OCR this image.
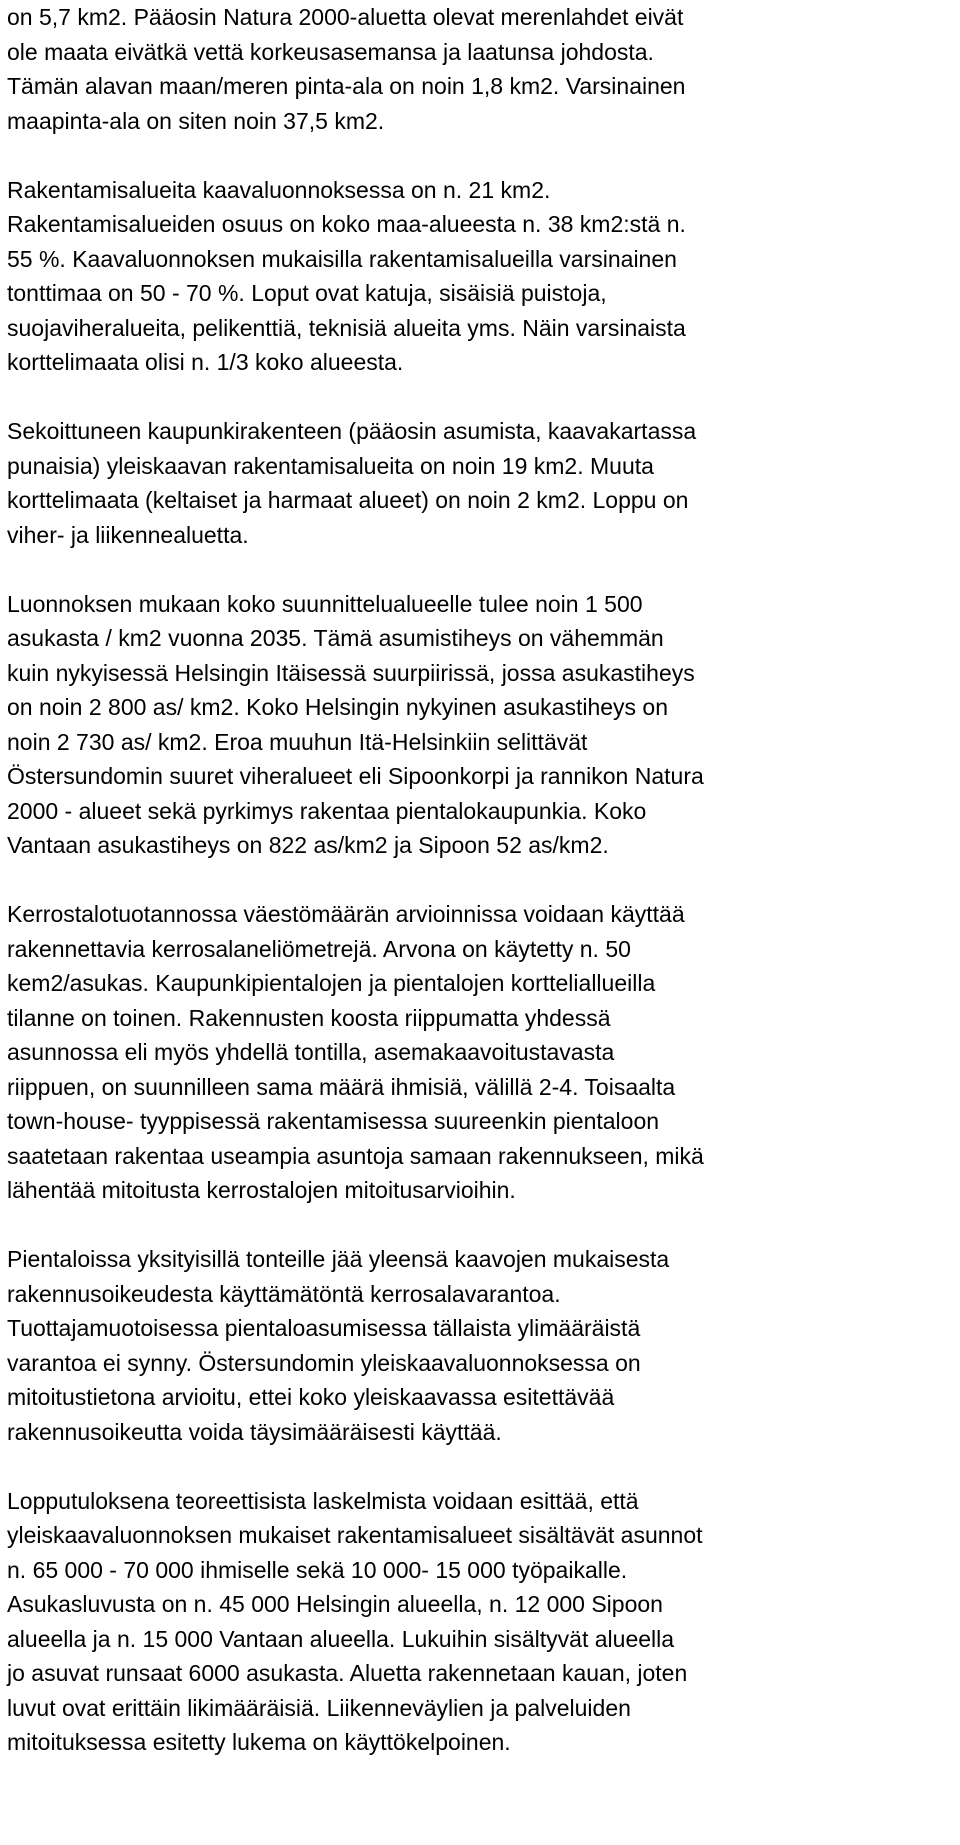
on 5,7 km2. Pääosin Natura 2000-aluetta olevat merenlahdet eivät
ole maata eivätkä vettä korkeusasemansa ja laatunsa johdosta.
Tämän alavan maan/meren pinta-ala on noin 1,8 km2. Varsinainen
maapinta-ala on siten noin 37,5 km2.
Rakentamisalueita kaavaluonnoksessa on n. 21 km2.
Rakentamisalueiden osuus on koko maa-alueesta n. 38 km2:stä n.
55 %. Kaavaluonnoksen mukaisilla rakentamisalueilla varsinainen
tonttimaa on 50 - 70 %. Loput ovat katuja, sisäisiä puistoja,
suojaviheralueita, pelikenttiä, teknisiä alueita yms. Näin varsinaista
korttelimaata olisi n. 1/3 koko alueesta.
Sekoittuneen kaupunkirakenteen (pääosin asumista, kaavakartassa
punaisia) yleiskaavan rakentamisalueita on noin 19 km2. Muuta
korttelimaata (keltaiset ja harmaat alueet) on noin 2 km2. Loppu on
viher- ja liikennealuetta.
Luonnoksen mukaan koko suunnittelualueelle tulee noin 1 500
asukasta / km2 vuonna 2035. Tämä asumistiheys on vähemmän
kuin nykyisessä Helsingin Itäisessä suurpiirissä, jossa asukastiheys
on noin 2 800 as/ km2. Koko Helsingin nykyinen asukastiheys on
noin 2 730 as/ km2. Eroa muuhun Itä-Helsinkiin selittävät
Östersundomin suuret viheralueet eli Sipoonkorpi ja rannikon Natura
2000 - alueet sekä pyrkimys rakentaa pientalokaupunkia. Koko
Vantaan asukastiheys on 822 as/km2 ja Sipoon 52 as/km2.
Kerrostalotuotannossa väestömäärän arvioinnissa voidaan käyttää
rakennettavia kerrosalaneliömetrejä. Arvona on käytetty n. 50
kem2/asukas. Kaupunkipientalojen ja pientalojen kortteliallueilla
tilanne on toinen. Rakennusten koosta riippumatta yhdessä
asunnossa eli myös yhdellä tontilla, asemakaavoitustavasta
riippuen, on suunnilleen sama määrä ihmisiä, välillä 2-4. Toisaalta
town-house- tyyppisessä rakentamisessa suureenkin pientaloon
saatetaan rakentaa useampia asuntoja samaan rakennukseen, mikä
lähentää mitoitusta kerrostalojen mitoitusarvioihin.
Pientaloissa yksityisillä tonteille jää yleensä kaavojen mukaisesta
rakennusoikeudesta käyttämätöntä kerrosalavarantoa.
Tuottajamuotoisessa pientaloasumisessa tällaista ylimääräistä
varantoa ei synny. Östersundomin yleiskaavaluonnoksessa on
mitoitustietona arvioitu, ettei koko yleiskaavassa esitettävää
rakennusoikeutta voida täysimääräisesti käyttää.
Lopputuloksena teoreettisista laskelmista voidaan esittää, että
yleiskaavaluonnoksen mukaiset rakentamisalueet sisältävät asunnot
n. 65 000 - 70 000 ihmiselle sekä 10 000- 15 000 työpaikalle.
Asukasluvusta on n. 45 000 Helsingin alueella, n. 12 000 Sipoon
alueella ja n. 15 000 Vantaan alueella. Lukuihin sisältyvät alueella
jo asuvat runsaat 6000 asukasta. Aluetta rakennetaan kauan, joten
luvut ovat erittäin likimääräisiä. Liikenneväylien ja palveluiden
mitoituksessa esitetty lukema on käyttökelpoinen.
